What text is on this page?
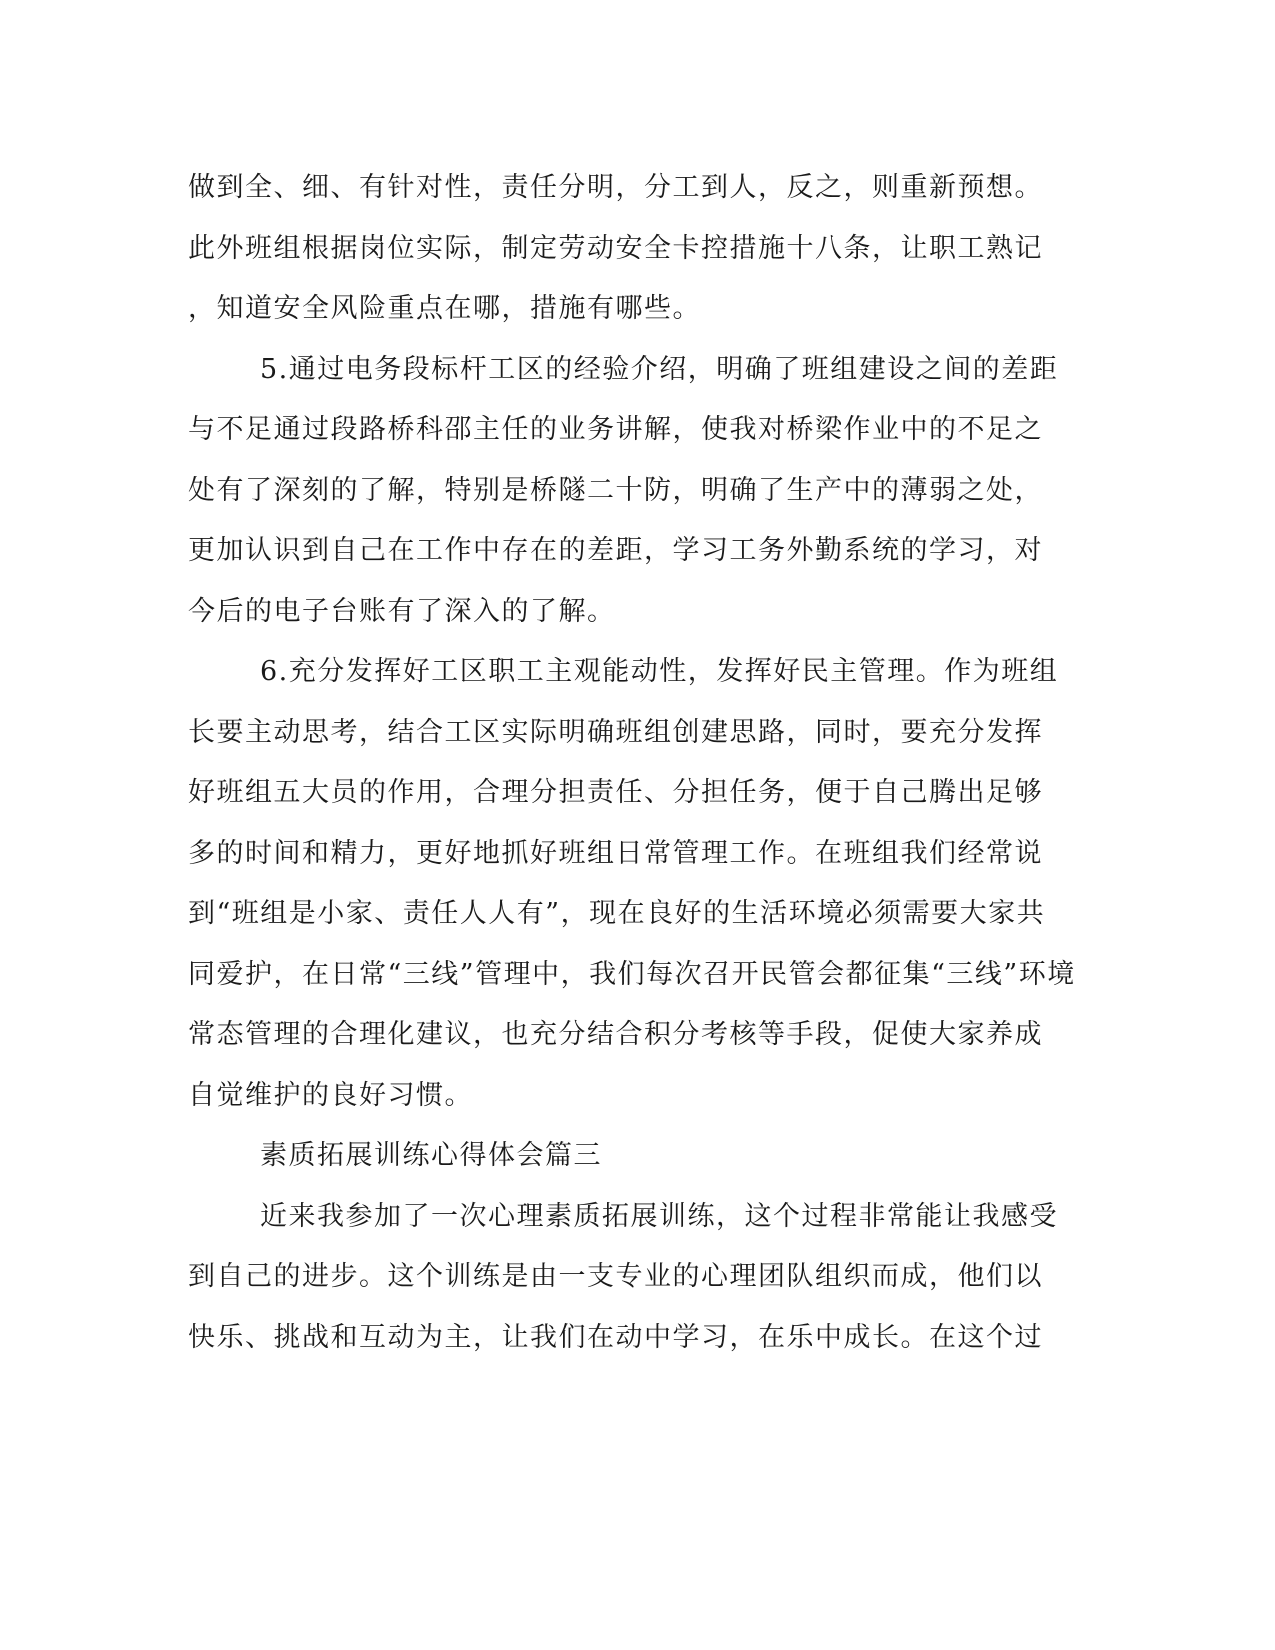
做到全、细、有针对性，责任分明，分工到人，反之，则重新预想。
此外班组根据岗位实际，制定劳动安全卡控措施十八条，让职工熟记
，知道安全风险重点在哪，措施有哪些。
5.通过电务段标杆工区的经验介绍，明确了班组建设之间的差距
与不足通过段路桥科邵主任的业务讲解，使我对桥梁作业中的不足之
处有了深刻的了解，特别是桥隧二十防，明确了生产中的薄弱之处，
更加认识到自己在工作中存在的差距，学习工务外勤系统的学习，对
今后的电子台账有了深入的了解。
6.充分发挥好工区职工主观能动性，发挥好民主管理。作为班组
长要主动思考，结合工区实际明确班组创建思路，同时，要充分发挥
好班组五大员的作用，合理分担责任、分担任务，便于自己腾出足够
多的时间和精力，更好地抓好班组日常管理工作。在班组我们经常说
到“班组是小家、责任人人有”，现在良好的生活环境必须需要大家共
同爱护，在日常“三线”管理中，我们每次召开民管会都征集“三线”环境
常态管理的合理化建议，也充分结合积分考核等手段，促使大家养成
自觉维护的良好习惯。
素质拓展训练心得体会篇三
近来我参加了一次心理素质拓展训练，这个过程非常能让我感受
到自己的进步。这个训练是由一支专业的心理团队组织而成，他们以
快乐、挑战和互动为主，让我们在动中学习，在乐中成长。在这个过
